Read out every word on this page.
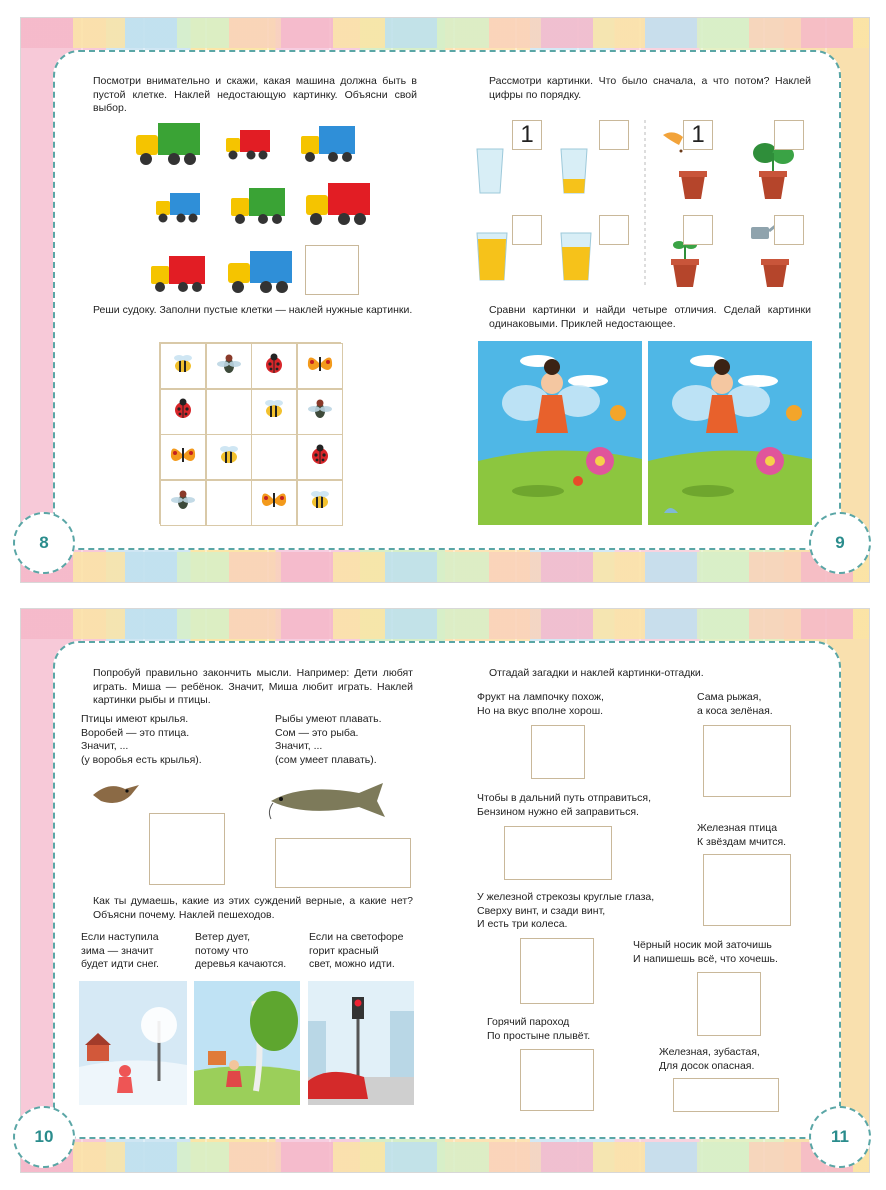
Посмотри внимательно и скажи, какая машина должна быть в пустой клетке. Наклей недостающую картинку. Объясни свой выбор.
Реши судоку. Заполни пустые клетки — наклей нужные картинки.
8
Рассмотри картинки. Что было сначала, а что потом? Наклей цифры по порядку.
1	1
Сравни картинки и найди четыре отличия. Сделай картинки одинаковыми. Приклей недостающее.
9
Попробуй правильно закончить мысли. Например: Дети любят играть. Миша — ребёнок. Значит, Миша любит играть. Наклей картинки рыбы и птицы.
Птицы имеют крылья.
Воробей — это птица.
Значит, ...
(у воробья есть крылья).
Рыбы умеют плавать.
Сом — это рыба.
Значит, ...
(сом умеет плавать).
Как ты думаешь, какие из этих суждений верные, а какие нет? Объясни почему. Наклей пешеходов.
Если наступила
зима — значит
будет идти снег.
Ветер дует,
потому что
деревья качаются.
Если на светофоре
горит красный
свет, можно идти.
10
Отгадай загадки и наклей картинки-отгадки.
Фрукт на лампочку похож,
Но на вкус вполне хорош.
Сама рыжая,
а коса зелёная.
Чтобы в дальний путь отправиться,
Бензином нужно ей заправиться.
Железная птица
К звёздам мчится.
У железной стрекозы круглые глаза,
Сверху винт, и сзади винт,
И есть три колеса.
Чёрный носик мой заточишь
И напишешь всё, что хочешь.
Горячий пароход
По простыне плывёт.
Железная, зубастая,
Для досок опасная.
11
